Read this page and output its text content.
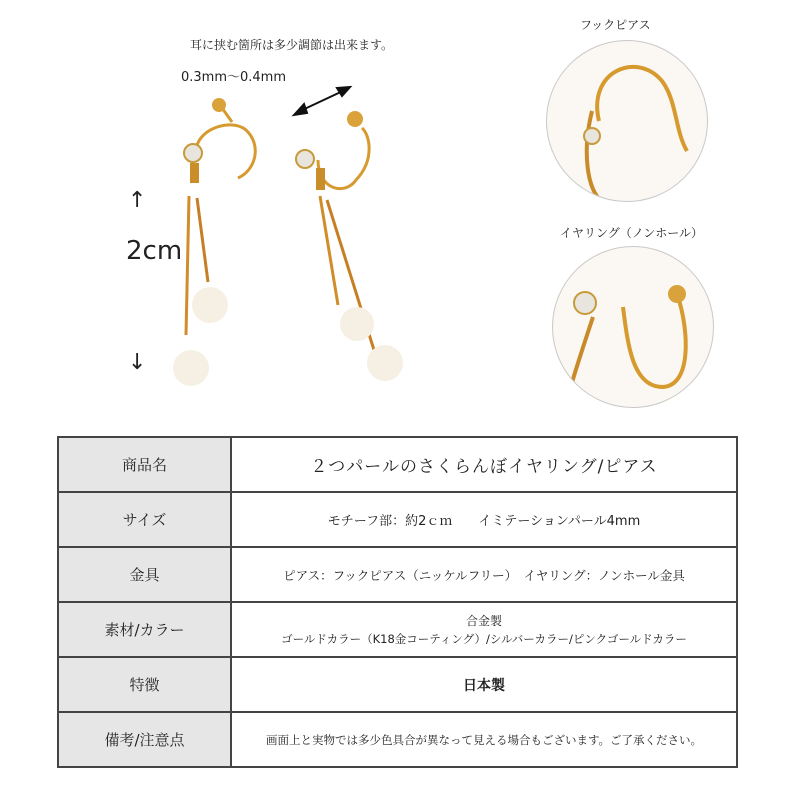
耳に挟む箇所は多少調節は出来ます。
0.3mm〜0.4mm
↑
2cm
↓
フックピアス
イヤリング（ノンホール）
商品名	２つパールのさくらんぼイヤリング/ピアス
サイズ	モチーフ部：約2ｃｍ　　イミテーションパール4mm
金具	ピアス：フックピアス（ニッケルフリー）　イヤリング：ノンホール金具
素材/カラー	合金製
ゴールドカラー（K18金コーティング）/シルバーカラー/ピンクゴールドカラー

特徴	日本製
備考/注意点	画面上と実物では多少色具合が異なって見える場合もございます。ご了承ください。
